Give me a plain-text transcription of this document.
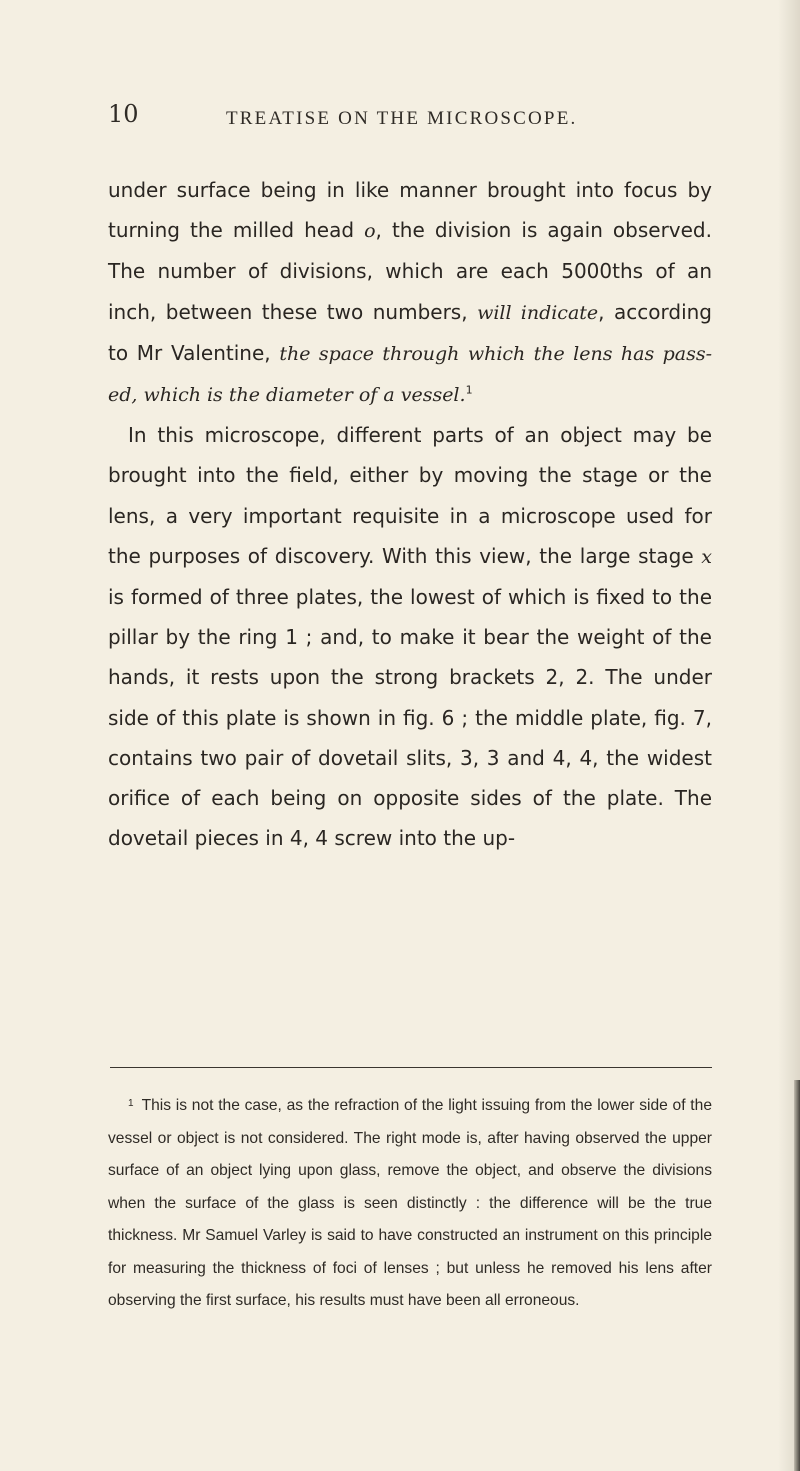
10	TREATISE ON THE MICROSCOPE.

under surface being in like manner brought into focus by turning the milled head o, the division is again observed. The number of divisions, which are each 5000ths of an inch, between these two numbers, will indicate, according to Mr Valentine, the space through which the lens has pass- ed, which is the diameter of a vessel.$^1$

In this microscope, different parts of an object may be brought into the field, either by moving the stage or the lens, a very important requisite in a microscope used for the purposes of discovery. With this view, the large stage x is formed of three plates, the lowest of which is fixed to the pillar by the ring 1 ; and, to make it bear the weight of the hands, it rests upon the strong brackets 2, 2. The under side of this plate is shown in fig. 6 ; the middle plate, fig. 7, contains two pair of dovetail slits, 3, 3 and 4, 4, the widest orifice of each being on opposite sides of the plate. The dovetail pieces in 4, 4 screw into the up-

$^1$ This is not the case, as the refraction of the light issuing from the lower side of the vessel or object is not considered. The right mode is, after having observed the upper surface of an object lying upon glass, remove the object, and observe the divisions when the surface of the glass is seen distinctly : the difference will be the true thickness. Mr Samuel Varley is said to have constructed an instrument on this principle for measuring the thickness of foci of lenses ; but unless he removed his lens after observing the first surface, his results must have been all erroneous.
